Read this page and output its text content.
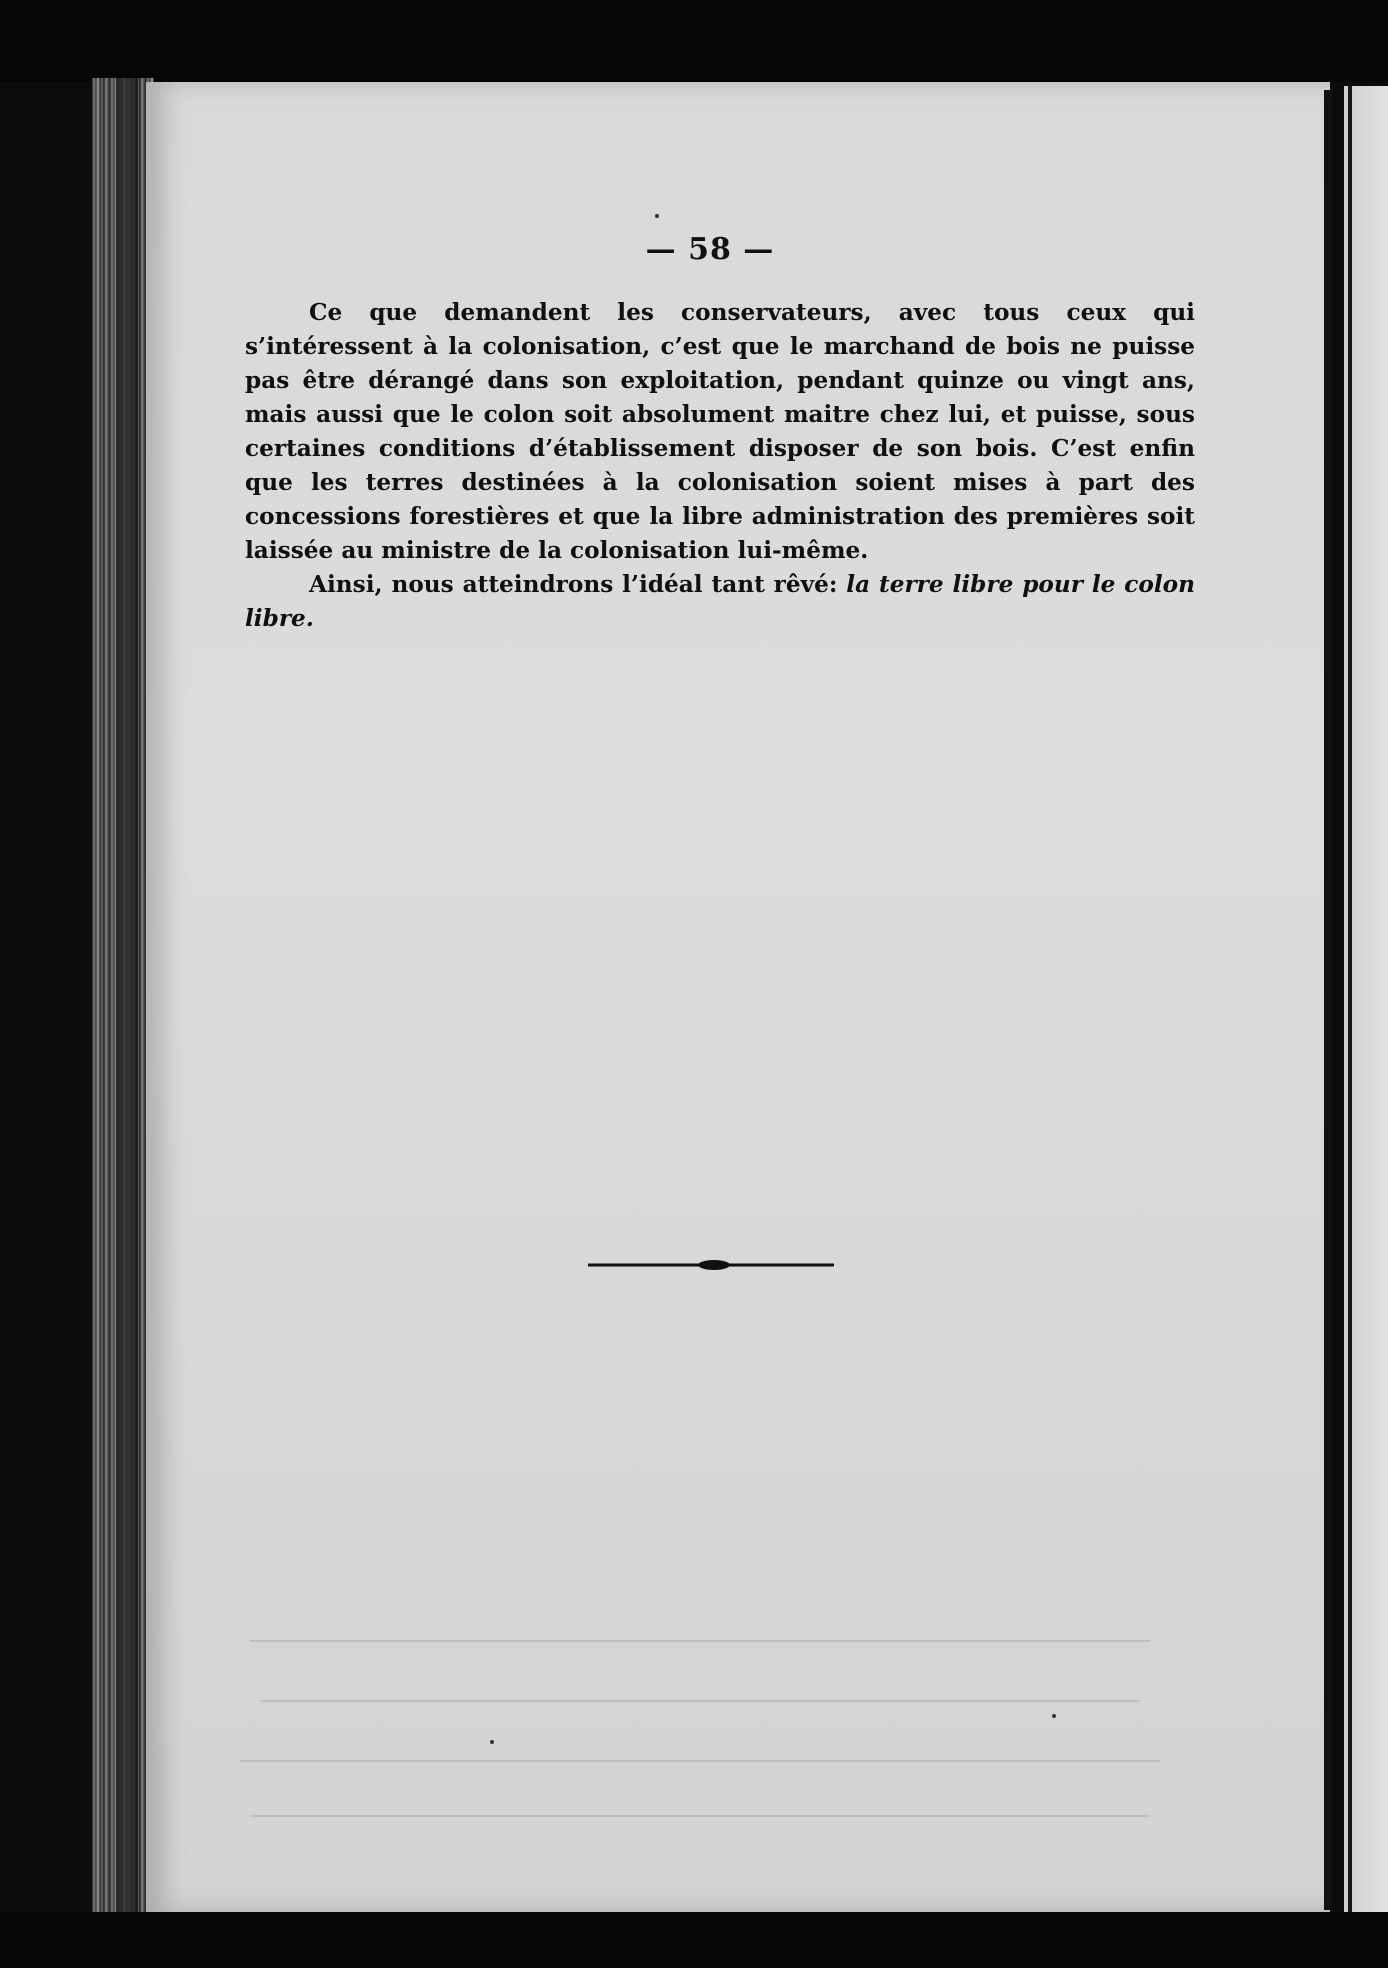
— 58 —

Ce que demandent les conservateurs, avec tous ceux qui s’intéressent à la colonisation, c’est que le marchand de bois ne puisse pas être dérangé dans son exploitation, pendant quinze ou vingt ans, mais aussi que le colon soit absolument maitre chez lui, et puisse, sous certaines conditions d’établissement disposer de son bois. C’est enfin que les terres destinées à la colonisation soient mises à part des concessions forestières et que la libre administration des premières soit laissée au ministre de la colonisation lui-même.

Ainsi, nous atteindrons l’idéal tant rêvé: la terre libre pour le colon libre.
